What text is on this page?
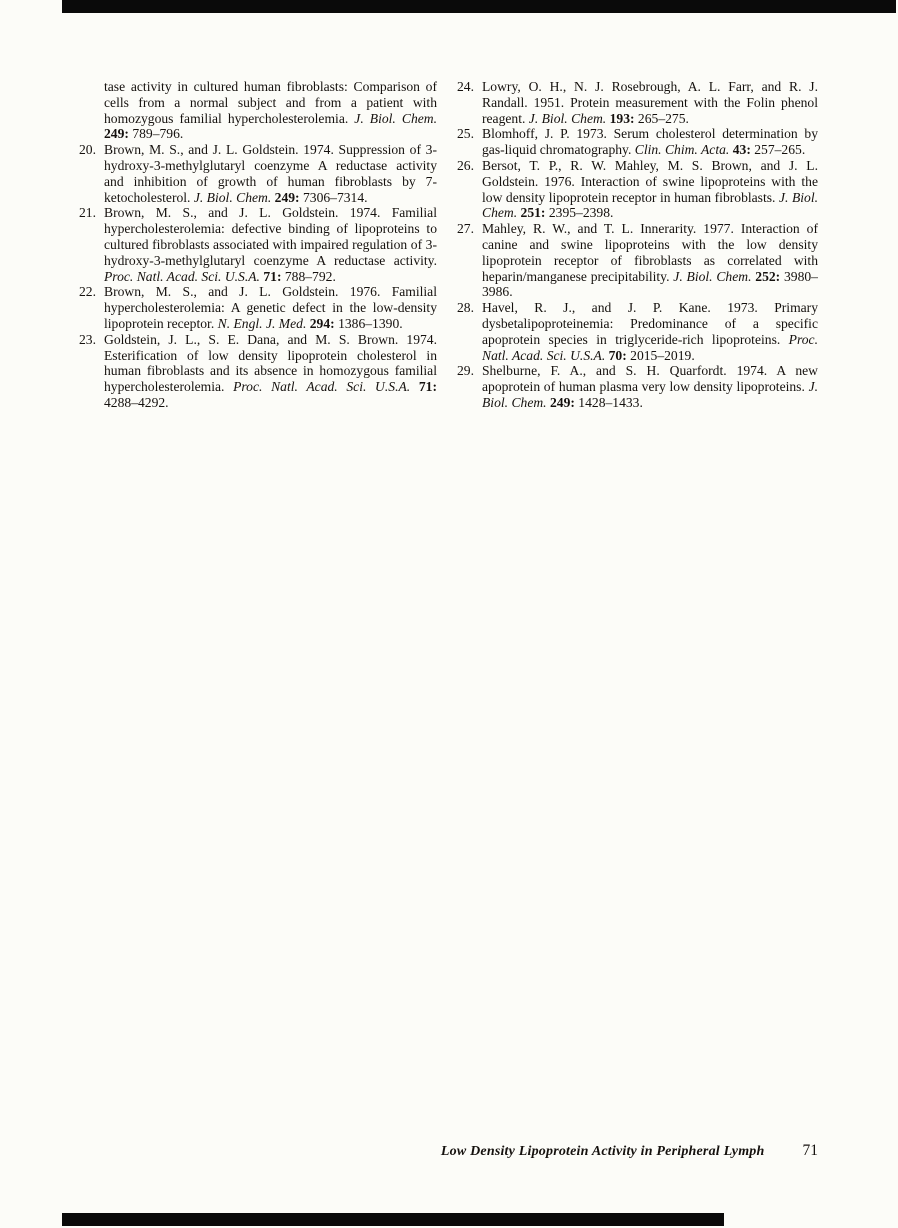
tase activity in cultured human fibroblasts: Comparison of cells from a normal subject and from a patient with homozygous familial hypercholesterolemia. J. Biol. Chem. 249: 789–796.
20. Brown, M. S., and J. L. Goldstein. 1974. Suppression of 3-hydroxy-3-methylglutaryl coenzyme A reductase activity and inhibition of growth of human fibroblasts by 7-ketocholesterol. J. Biol. Chem. 249: 7306–7314.
21. Brown, M. S., and J. L. Goldstein. 1974. Familial hypercholesterolemia: defective binding of lipoproteins to cultured fibroblasts associated with impaired regulation of 3-hydroxy-3-methylglutaryl coenzyme A reductase activity. Proc. Natl. Acad. Sci. U.S.A. 71: 788–792.
22. Brown, M. S., and J. L. Goldstein. 1976. Familial hypercholesterolemia: A genetic defect in the low-density lipoprotein receptor. N. Engl. J. Med. 294: 1386–1390.
23. Goldstein, J. L., S. E. Dana, and M. S. Brown. 1974. Esterification of low density lipoprotein cholesterol in human fibroblasts and its absence in homozygous familial hypercholesterolemia. Proc. Natl. Acad. Sci. U.S.A. 71: 4288–4292.
24. Lowry, O. H., N. J. Rosebrough, A. L. Farr, and R. J. Randall. 1951. Protein measurement with the Folin phenol reagent. J. Biol. Chem. 193: 265–275.
25. Blomhoff, J. P. 1973. Serum cholesterol determination by gas-liquid chromatography. Clin. Chim. Acta. 43: 257–265.
26. Bersot, T. P., R. W. Mahley, M. S. Brown, and J. L. Goldstein. 1976. Interaction of swine lipoproteins with the low density lipoprotein receptor in human fibroblasts. J. Biol. Chem. 251: 2395–2398.
27. Mahley, R. W., and T. L. Innerarity. 1977. Interaction of canine and swine lipoproteins with the low density lipoprotein receptor of fibroblasts as correlated with heparin/manganese precipitability. J. Biol. Chem. 252: 3980–3986.
28. Havel, R. J., and J. P. Kane. 1973. Primary dysbetalipoproteinemia: Predominance of a specific apoprotein species in triglyceride-rich lipoproteins. Proc. Natl. Acad. Sci. U.S.A. 70: 2015–2019.
29. Shelburne, F. A., and S. H. Quarfordt. 1974. A new apoprotein of human plasma very low density lipoproteins. J. Biol. Chem. 249: 1428–1433.
Low Density Lipoprotein Activity in Peripheral Lymph 71
